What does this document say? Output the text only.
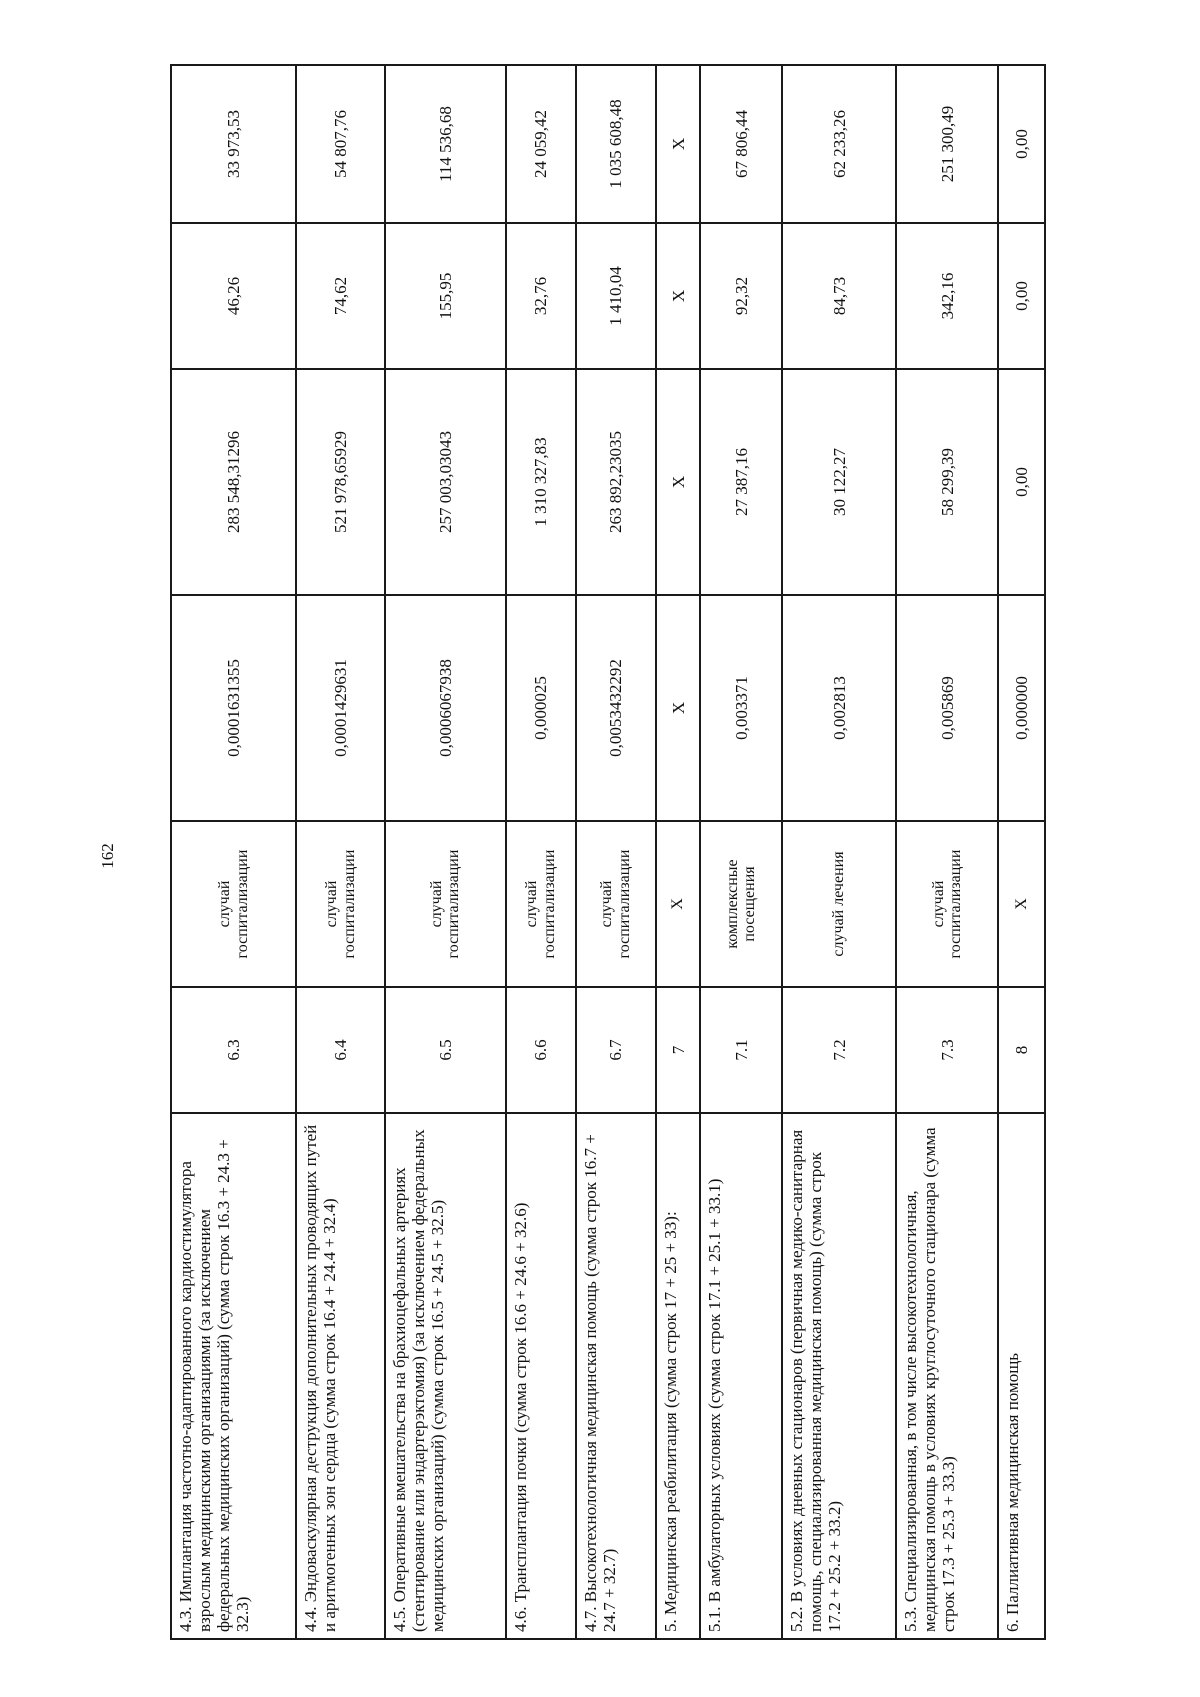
162
4.3. Имплантация частотно-адаптированного кардиостимулятора взрослым медицинскими организациями (за исключением федеральных медицинских организаций) (сумма строк 16.3 + 24.3 + 32.3)	6.3	случай госпитализации	0,0001631355	283 548,31296	46,26	33 973,53
4.4. Эндоваскулярная деструкция дополнительных проводящих путей и аритмогенных зон сердца (сумма строк 16.4 + 24.4 + 32.4)	6.4	случай госпитализации	0,0001429631	521 978,65929	74,62	54 807,76
4.5. Оперативные вмешательства на брахиоцефальных артериях (стентирование или эндартерэктомия) (за исключением федеральных медицинских организаций) (сумма строк 16.5 + 24.5 + 32.5)	6.5	случай госпитализации	0,0006067938	257 003,03043	155,95	114 536,68
4.6. Трансплантация почки (сумма строк 16.6 + 24.6 + 32.6)	6.6	случай госпитализации	0,000025	1 310 327,83	32,76	24 059,42
4.7. Высокотехнологичная медицинская помощь (сумма строк 16.7 + 24.7 + 32.7)	6.7	случай госпитализации	0,0053432292	263 892,23035	1 410,04	1 035 608,48
5. Медицинская реабилитация (сумма строк 17 + 25 + 33):	7	X	X	X	X	X
5.1. В амбулаторных условиях (сумма строк 17.1 + 25.1 + 33.1)	7.1	комплексные посещения	0,003371	27 387,16	92,32	67 806,44
5.2. В условиях дневных стационаров (первичная медико-санитарная помощь, специализированная медицинская помощь) (сумма строк 17.2 + 25.2 + 33.2)	7.2	случай лечения	0,002813	30 122,27	84,73	62 233,26
5.3. Специализированная, в том числе высокотехнологичная, медицинская помощь в условиях круглосуточного стационара (сумма строк 17.3 + 25.3 + 33.3)	7.3	случай госпитализации	0,005869	58 299,39	342,16	251 300,49
6. Паллиативная медицинская помощь	8	X	0,000000	0,00	0,00	0,00
